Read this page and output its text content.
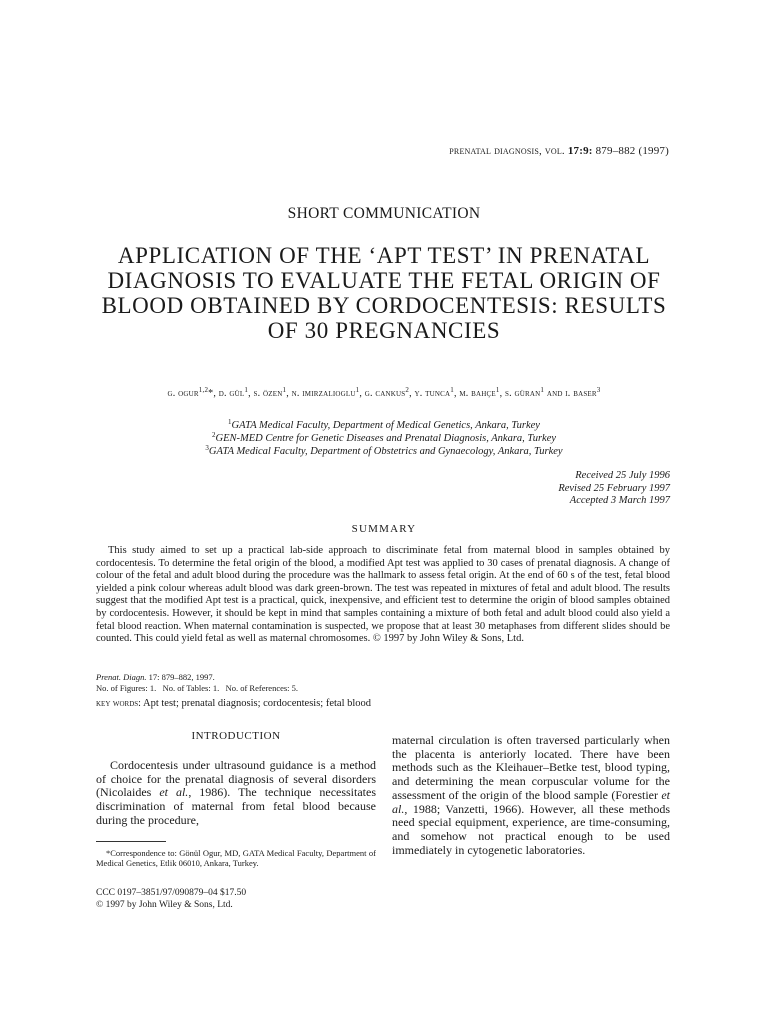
prenatal diagnosis, vol. 17:9: 879–882 (1997)
SHORT COMMUNICATION
APPLICATION OF THE ‘APT TEST’ IN PRENATAL DIAGNOSIS TO EVALUATE THE FETAL ORIGIN OF BLOOD OBTAINED BY CORDOCENTESIS: RESULTS OF 30 PREGNANCIES
g. ogur$^{1,2}$*, d. gül$^1$, s. özen$^1$, n. imirzalioglu$^1$, g. cankus$^2$, y. tunca$^1$, m. bahçe$^1$, s. güran$^1$ and i. baser$^3$
$^1$GATA Medical Faculty, Department of Medical Genetics, Ankara, Turkey
$^2$GEN-MED Centre for Genetic Diseases and Prenatal Diagnosis, Ankara, Turkey
$^3$GATA Medical Faculty, Department of Obstetrics and Gynaecology, Ankara, Turkey
Received 25 July 1996
Revised 25 February 1997
Accepted 3 March 1997
SUMMARY
This study aimed to set up a practical lab-side approach to discriminate fetal from maternal blood in samples obtained by cordocentesis. To determine the fetal origin of the blood, a modified Apt test was applied to 30 cases of prenatal diagnosis. A change of colour of the fetal and adult blood during the procedure was the hallmark to assess fetal origin. At the end of 60 s of the test, fetal blood yielded a pink colour whereas adult blood was dark green-brown. The test was repeated in mixtures of fetal and adult blood. The results suggest that the modified Apt test is a practical, quick, inexpensive, and efficient test to determine the origin of blood samples obtained by cordocentesis. However, it should be kept in mind that samples containing a mixture of both fetal and adult blood could also yield a fetal blood reaction. When maternal contamination is suspected, we propose that at least 30 metaphases from different slides should be counted. This could yield fetal as well as maternal chromosomes. © 1997 by John Wiley & Sons, Ltd.
Prenat. Diagn. 17: 879–882, 1997.
No. of Figures: 1.   No. of Tables: 1.   No. of References: 5.
key words: Apt test; prenatal diagnosis; cordocentesis; fetal blood
INTRODUCTION

Cordocentesis under ultrasound guidance is a method of choice for the prenatal diagnosis of several disorders (Nicolaides et al., 1986). The technique necessitates discrimination of maternal from fetal blood because during the procedure,

*Correspondence to: Gönül Ogur, MD, GATA Medical Faculty, Department of Medical Genetics, Etlik 06010, Ankara, Turkey.

CCC 0197–3851/97/090879–04 $17.50
© 1997 by John Wiley & Sons, Ltd.

maternal circulation is often traversed particularly when the placenta is anteriorly located. There have been methods such as the Kleihauer–Betke test, blood typing, and determining the mean corpuscular volume for the assessment of the origin of the blood sample (Forestier et al., 1988; Vanzetti, 1966). However, all these methods need special equipment, experience, are time-consuming, and somehow not practical enough to be used immediately in cytogenetic laboratories.
